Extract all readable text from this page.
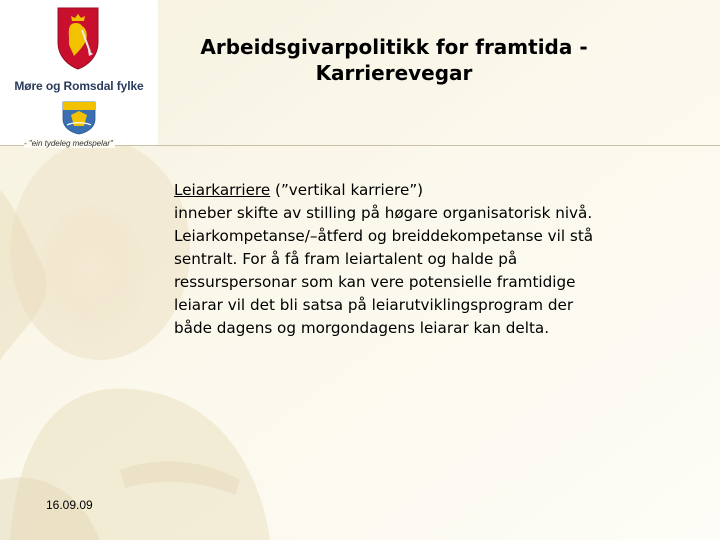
Møre og Romsdal fylke
- "ein tydeleg medspelar"
Arbeidsgivarpolitikk for framtida -
Karrierevegar

Leiarkarriere (”vertikal karriere”)

inneber skifte av stilling på høgare organisatorisk nivå.

Leiarkompetanse/–åtferd og breiddekompetanse vil stå

sentralt. For å få fram leiartalent og halde på

ressurspersonar som kan vere potensielle framtidige

leiarar vil det bli satsa på leiarutviklingsprogram der

både dagens og morgondagens leiarar kan delta.

16.09.09
